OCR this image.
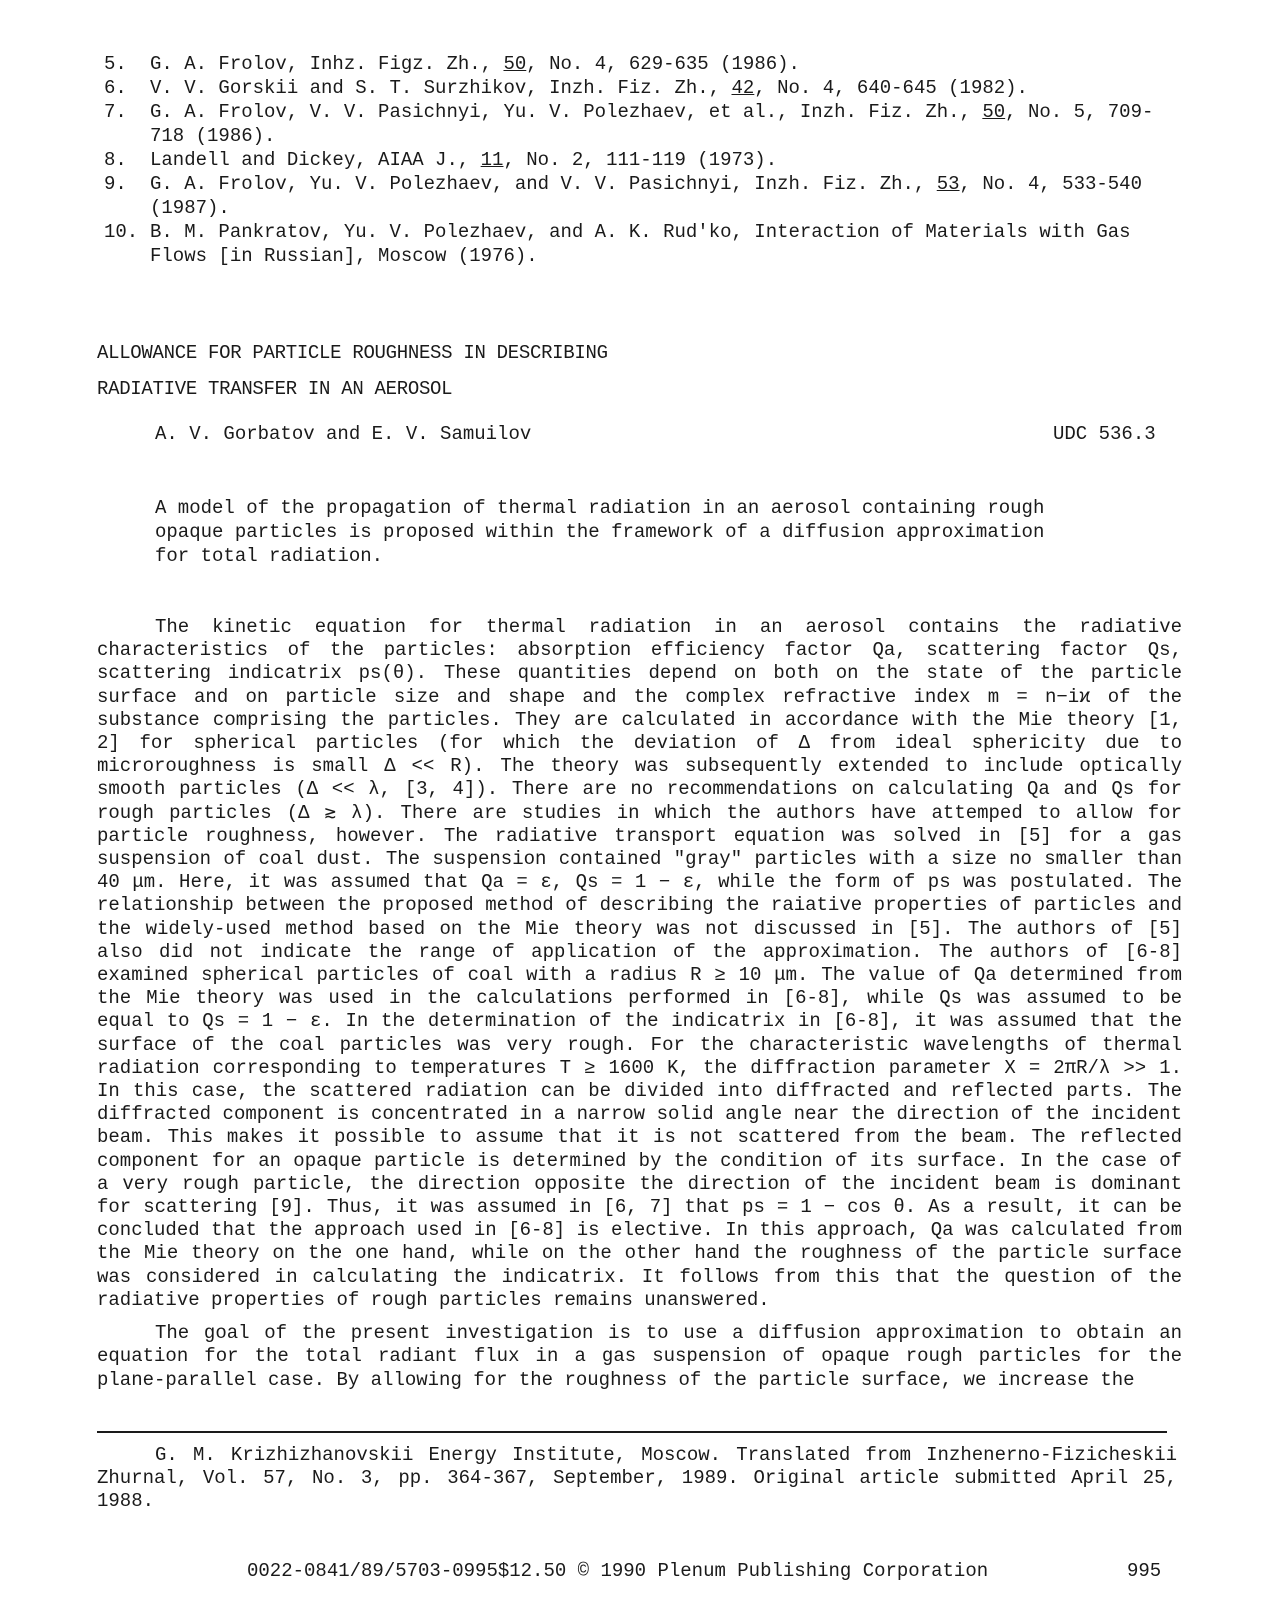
5.	G. A. Frolov, Inhz. Figz. Zh., 50, No. 4, 629-635 (1986).
6.	V. V. Gorskii and S. T. Surzhikov, Inzh. Fiz. Zh., 42, No. 4, 640-645 (1982).
7.	G. A. Frolov, V. V. Pasichnyi, Yu. V. Polezhaev, et al., Inzh. Fiz. Zh., 50, No. 5, 709-718 (1986).
8.	Landell and Dickey, AIAA J., 11, No. 2, 111-119 (1973).
9.	G. A. Frolov, Yu. V. Polezhaev, and V. V. Pasichnyi, Inzh. Fiz. Zh., 53, No. 4, 533-540 (1987).
10. B. M. Pankratov, Yu. V. Polezhaev, and A. K. Rud'ko, Interaction of Materials with Gas Flows [in Russian], Moscow (1976).
ALLOWANCE FOR PARTICLE ROUGHNESS IN DESCRIBING
RADIATIVE TRANSFER IN AN AEROSOL
A. V. Gorbatov and E. V. Samuilov	UDC 536.3
A model of the propagation of thermal radiation in an aerosol containing rough opaque particles is proposed within the framework of a diffusion approximation for total radiation.

The kinetic equation for thermal radiation in an aerosol contains the radiative characteristics of the particles: absorption efficiency factor Qa, scattering factor Qs, scattering indicatrix ps(θ). These quantities depend on both on the state of the particle surface and on particle size and shape and the complex refractive index m = n−iϰ of the substance comprising the particles. They are calculated in accordance with the Mie theory [1, 2] for spherical particles (for which the deviation of Δ from ideal sphericity due to microroughness is small Δ << R). The theory was subsequently extended to include optically smooth particles (Δ << λ, [3, 4]). There are no recommendations on calculating Qa and Qs for rough particles (Δ ≳ λ). There are studies in which the authors have attemped to allow for particle roughness, however. The radiative transport equation was solved in [5] for a gas suspension of coal dust. The suspension contained "gray" particles with a size no smaller than 40 μm. Here, it was assumed that Qa = ε, Qs = 1 − ε, while the form of ps was postulated. The relationship between the proposed method of describing the raiative properties of particles and the widely-used method based on the Mie theory was not discussed in [5]. The authors of [5] also did not indicate the range of application of the approximation. The authors of [6-8] examined spherical particles of coal with a radius R ≥ 10 μm. The value of Qa determined from the Mie theory was used in the calculations performed in [6-8], while Qs was assumed to be equal to Qs = 1 − ε. In the determination of the indicatrix in [6-8], it was assumed that the surface of the coal particles was very rough. For the characteristic wavelengths of thermal radiation corresponding to temperatures T ≥ 1600 K, the diffraction parameter X = 2πR/λ >> 1. In this case, the scattered radiation can be divided into diffracted and reflected parts. The diffracted component is concentrated in a narrow solid angle near the direction of the incident beam. This makes it possible to assume that it is not scattered from the beam. The reflected component for an opaque particle is determined by the condition of its surface. In the case of a very rough particle, the direction opposite the direction of the incident beam is dominant for scattering [9]. Thus, it was assumed in [6, 7] that ps = 1 − cos θ. As a result, it can be concluded that the approach used in [6-8] is elective. In this approach, Qa was calculated from the Mie theory on the one hand, while on the other hand the roughness of the particle surface was considered in calculating the indicatrix. It follows from this that the question of the radiative properties of rough particles remains unanswered.

The goal of the present investigation is to use a diffusion approximation to obtain an equation for the total radiant flux in a gas suspension of opaque rough particles for the plane-parallel case. By allowing for the roughness of the particle surface, we increase the

G. M. Krizhizhanovskii Energy Institute, Moscow. Translated from Inzhenerno-Fizicheskii Zhurnal, Vol. 57, No. 3, pp. 364-367, September, 1989. Original article submitted April 25, 1988.
0022-0841/89/5703-0995$12.50 © 1990 Plenum Publishing Corporation	995
